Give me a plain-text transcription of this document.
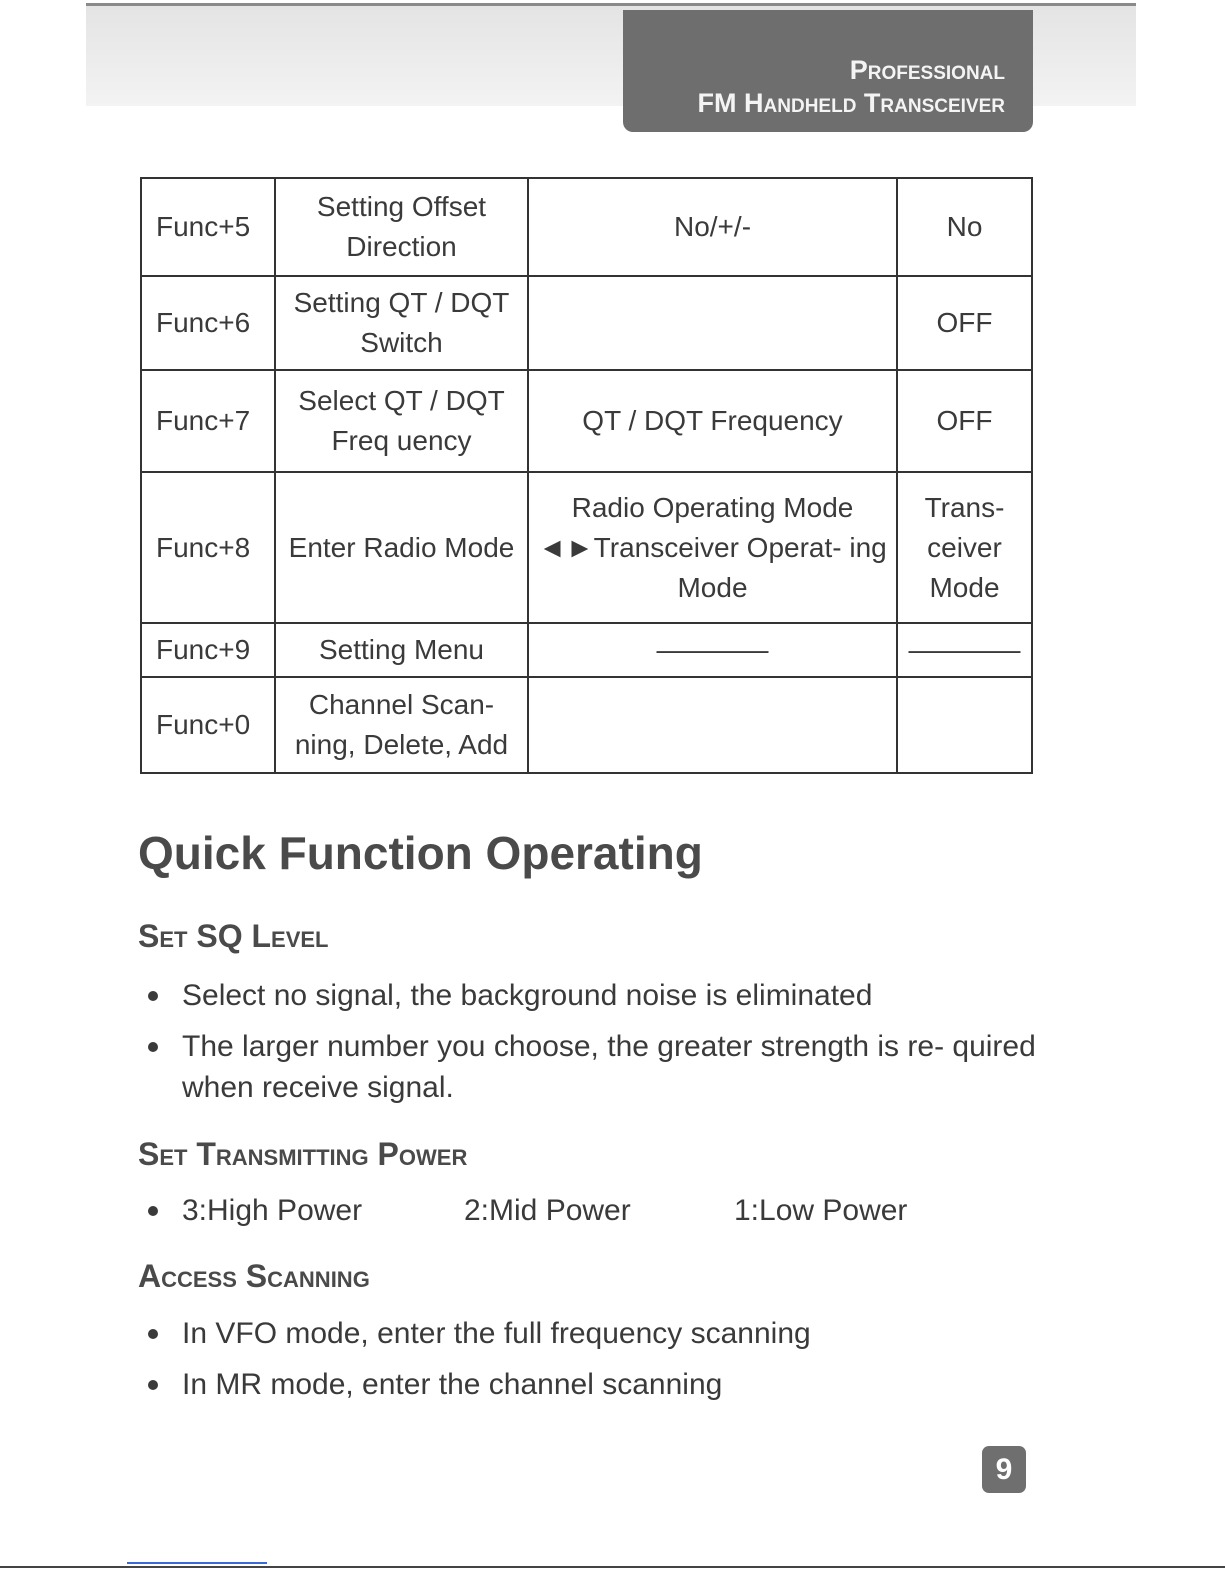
Professional
FM Handheld Transceiver
Func+5	Setting Offset Direction	No/+/-	No
Func+6	Setting QT / DQT Switch		OFF
Func+7	Select QT / DQT Freq uency	QT / DQT Frequency	OFF
Func+8	Enter Radio Mode	Radio Operating Mode ◄►Transceiver Operat- ing Mode	Trans- ceiver Mode
Func+9	Setting Menu	————	————
Func+0	Channel Scan- ning, Delete, Add		
Quick Function Operating
Set SQ Level
Select no signal, the background noise is eliminated
The larger number you choose, the greater strength is re- quired when receive signal.
Set Transmitting Power
3:High Power	2:Mid Power	1:Low Power
Access Scanning
In VFO mode, enter the full frequency scanning
In MR mode, enter the channel scanning
9
